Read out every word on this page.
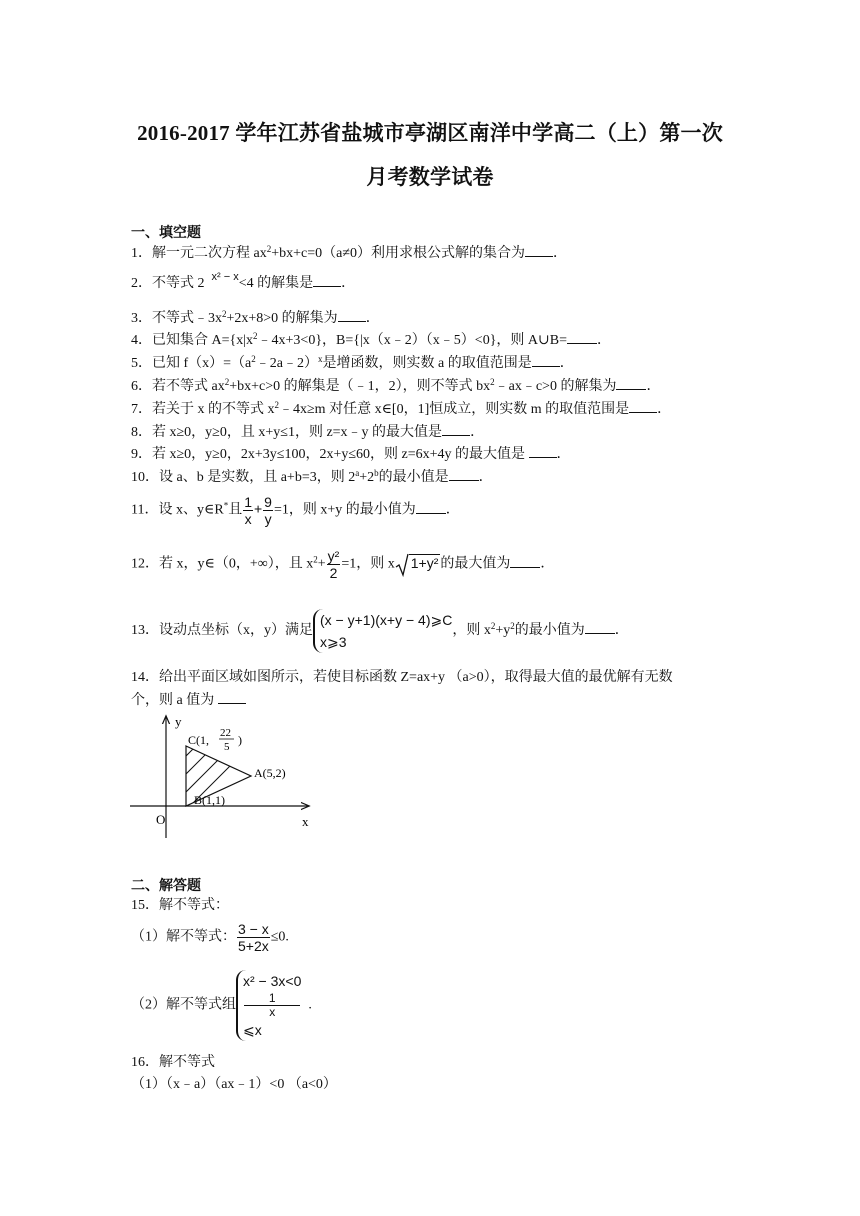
2016-2017 学年江苏省盐城市亭湖区南洋中学高二（上）第一次
月考数学试卷
一、填空题
1．解一元二次方程 $ax^2+bx+c=0(a\ne 0)$利用求根公式解的集合为 ．
2．不等式 2 $^{x^2 - x}$<4 的解集是 ．
3．不等式$﹣3x^2+2x+8>0$ 的解集为 ．
4．已知集合 $A=\{x|x^2﹣4x+3<0\}$，B={|x（x﹣2）（x﹣5）<0}，则 A∪B= ．
5．已知 $f(x)=(a^2﹣2a﹣2)^x$是增函数，则实数 a 的取值范围是 ．
6．若不等式 $ax^2+bx+c>0$ 的解集是（﹣1，2），则不等式 $bx^2﹣ax﹣c>0$ 的解集为 ．
7．若关于 x 的不等式 $x^2﹣4x\ge m$ 对任意 x∈[0，1]恒成立，则实数 m 的取值范围是 ．
8．若 x≥0，y≥0，且 x+y≤1，则 z=x﹣y 的最大值是 ．
9．若 x≥0，y≥0，2x+3y≤100，2x+y≤60，则 z=6x+4y 的最大值是 ．
10．设 a、b 是实数，且 a+b=3，则 $2^a+2^b$的最小值是 ．
11．设 x、y∈R*且 $\frac{1}{x} + \frac{9}{y} =1$，则 x+y 的最小值为 ．
12．若 x，y∈（0，+∞），且 $x^2+ \frac{\text{y²}}{2} =1$，则 x 1+y² 的最大值为 ．
13．设动点坐标（x，y）满足
(x − y+1)(x+y − 4)⩾C
x⩾3
，则 $x^2+y^2$的最小值为 ．
14．给出平面区域如图所示，若使目标函数 Z=ax+y （a>0），取得最大值的最优解有无数
个，则 a 值为
y
x
O
C(1, 22
5 )
A(5,2)
B(1,1)
二、解答题
15．解不等式：
（1）解不等式： $\frac{3 - x}{5+2x} \le 0$.
（2）解不等式组
x² − 3x<0
1
x
⩽x
.
16．解不等式
（1）（x﹣a）（ax﹣1）<0 （a<0）
